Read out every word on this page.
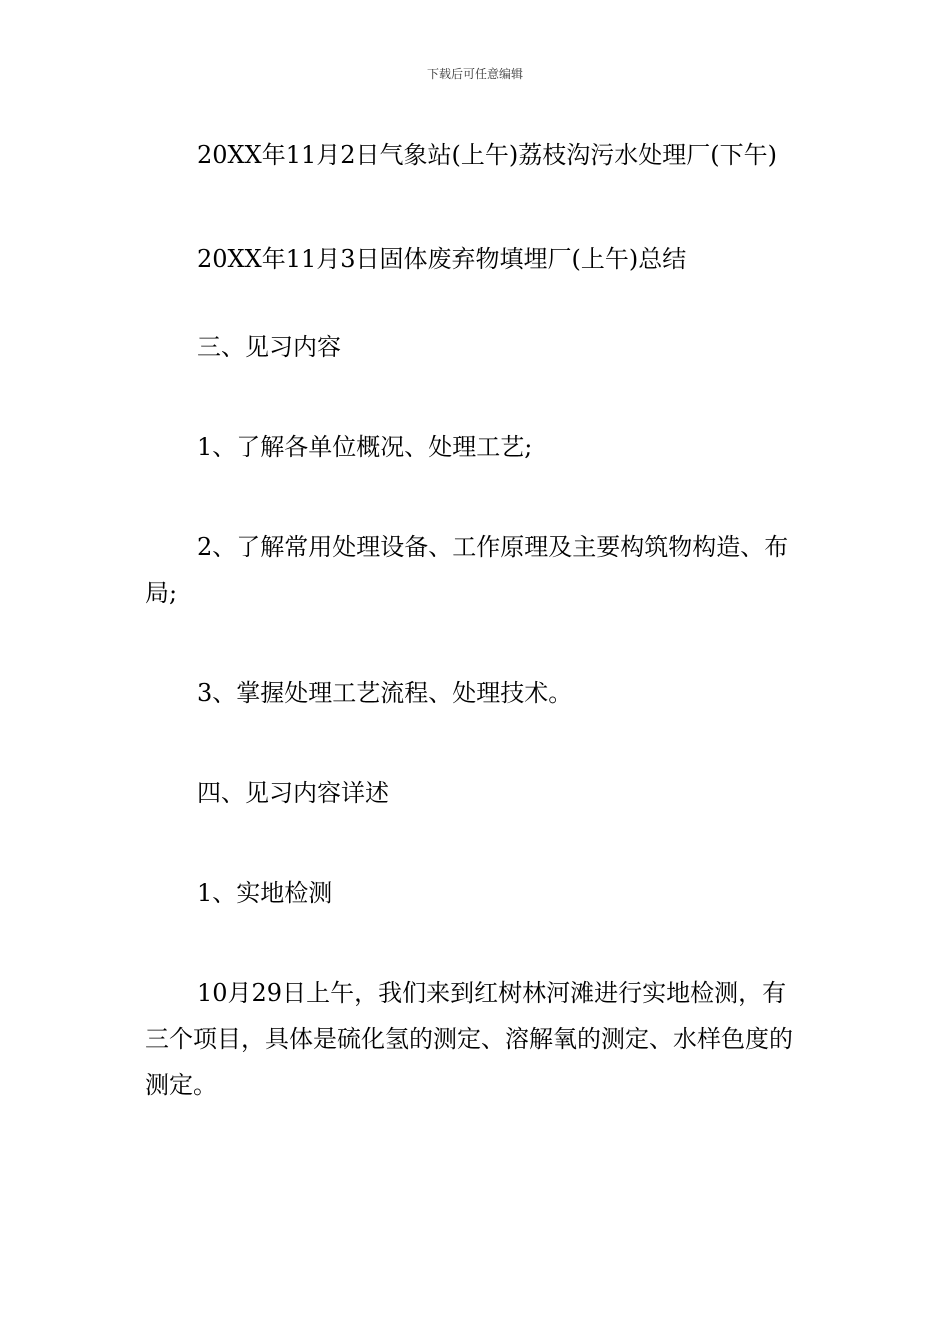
下载后可任意编辑

20XX年11月2日气象站(上午)荔枝沟污水处理厂(下午)

20XX年11月3日固体废弃物填埋厂(上午)总结

三、见习内容

1、了解各单位概况、处理工艺;

2、了解常用处理设备、工作原理及主要构筑物构造、布局;

3、掌握处理工艺流程、处理技术。

四、见习内容详述

1、实地检测

10月29日上午，我们来到红树林河滩进行实地检测，有三个项目，具体是硫化氢的测定、溶解氧的测定、水样色度的测定。
